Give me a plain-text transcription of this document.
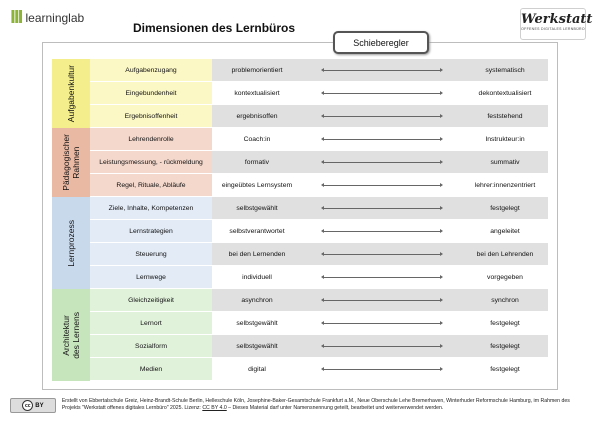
lll learninglab
Dimensionen des Lernbüros
Werkstatt
OFFENES DIGITALES LERNBÜRO
Schieberegler
Aufgabenkultur	Aufgabenzugang	problemorientiert	systematisch
Eingebundenheit	kontextualisiert	dekontextualisiert
Ergebnisoffenheit	ergebnisoffen	feststehend
Pädagogischer
Rahmen
Lehrendenrolle	Coach:in	Instrukteur:in
Leistungsmessung, - rückmeldung	formativ	summativ
Regel, Rituale, Abläufe	eingeübtes Lernsystem	lehrer:innenzentriert
Lernprozess
Ziele, Inhalte, Kompetenzen	selbstgewählt	festgelegt
Lernstrategien	selbstverantwortet	angeleitet
Steuerung	bei den Lernenden	bei den Lehrenden
Lernwege	individuell	vorgegeben
Architektur
des Lernens
Gleichzeitigkeit	asynchron	synchron
Lernort	selbstgewählt	festgelegt
Sozialform	selbstgewählt	festgelegt
Medien	digital	festgelegt
cc BY
Erstellt von Ebbertalschule Greiz, Heinz-Brandt-Schule Berlin, Helleschule Köln, Josephine-Baker-Gesamtschule Frankfurt a.M., Neue Oberschule Lehe Bremerhaven, Winterhuder Reformschule Hamburg, im Rahmen des Projekts "Werkstatt offenes digitales Lernbüro" 2025. Lizenz: CC BY 4.0 – Dieses Material darf unter Namensnennung geteilt, bearbeitet und weiterverwendet werden.
